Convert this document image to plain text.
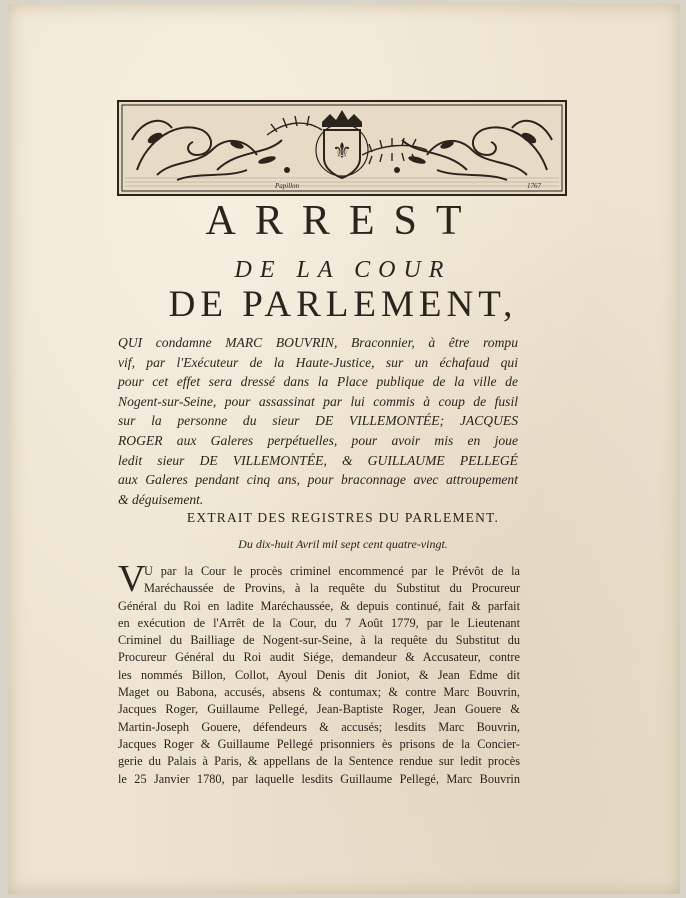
⚜
Papillon	1767
ARREST
DE LA COUR
DE PARLEMENT,
QUI condamne MARC BOUVRIN, Braconnier, à être rompu
vif, par l'Exécuteur de la Haute-Justice, sur un échafaud qui
pour cet effet sera dressé dans la Place publique de la ville de
Nogent-sur-Seine, pour assassinat par lui commis à coup de fusil
sur la personne du sieur DE VILLEMONTÉE; JACQUES
ROGER aux Galeres perpétuelles, pour avoir mis en joue
ledit sieur DE VILLEMONTÉE, & GUILLAUME PELLEGÉ
aux Galeres pendant cinq ans, pour braconnage avec attroupement
& déguisement.
EXTRAIT DES REGISTRES DU PARLEMENT.
Du dix-huit Avril mil sept cent quatre-vingt.
V
U par la Cour le procès criminel encommencé par le Prévôt de la
Maréchaussée de Provins, à la requête du Substitut du Procureur
Général du Roi en ladite Maréchaussée, & depuis continué, fait & parfait
en exécution de l'Arrêt de la Cour, du 7 Août 1779, par le Lieutenant
Criminel du Bailliage de Nogent-sur-Seine, à la requête du Substitut du
Procureur Général du Roi audit Siége, demandeur & Accusateur, contre
les nommés Billon, Collot, Ayoul Denis dit Joniot, & Jean Edme dit
Maget ou Babona, accusés, absens & contumax; & contre Marc Bouvrin,
Jacques Roger, Guillaume Pellegé, Jean-Baptiste Roger, Jean Gouere &
Martin-Joseph Gouere, défendeurs & accusés; lesdits Marc Bouvrin,
Jacques Roger & Guillaume Pellegé prisonniers ès prisons de la Concier-
gerie du Palais à Paris, & appellans de la Sentence rendue sur ledit procès
le 25 Janvier 1780, par laquelle lesdits Guillaume Pellegé, Marc Bouvrin
